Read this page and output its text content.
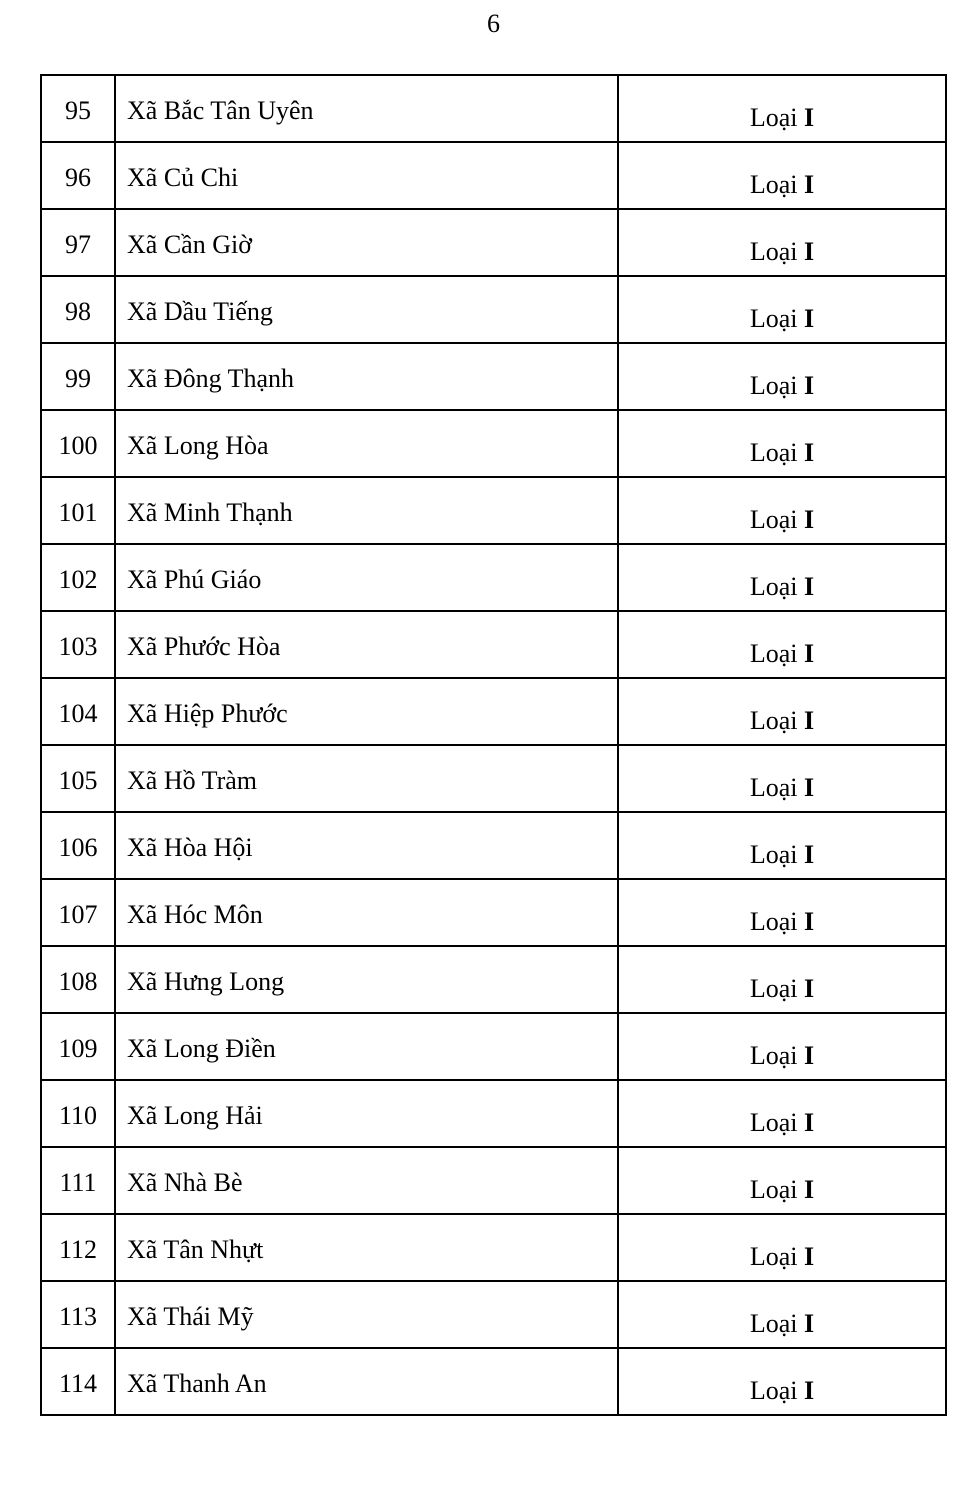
6
95	Xã Bắc Tân Uyên	Loại I
96	Xã Củ Chi	Loại I
97	Xã Cần Giờ	Loại I
98	Xã Dầu Tiếng	Loại I
99	Xã Đông Thạnh	Loại I
100	Xã Long Hòa	Loại I
101	Xã Minh Thạnh	Loại I
102	Xã Phú Giáo	Loại I
103	Xã Phước Hòa	Loại I
104	Xã Hiệp Phước	Loại I
105	Xã Hồ Tràm	Loại I
106	Xã Hòa Hội	Loại I
107	Xã Hóc Môn	Loại I
108	Xã Hưng Long	Loại I
109	Xã Long Điền	Loại I
110	Xã Long Hải	Loại I
111	Xã Nhà Bè	Loại I
112	Xã Tân Nhựt	Loại I
113	Xã Thái Mỹ	Loại I
114	Xã Thanh An	Loại I
